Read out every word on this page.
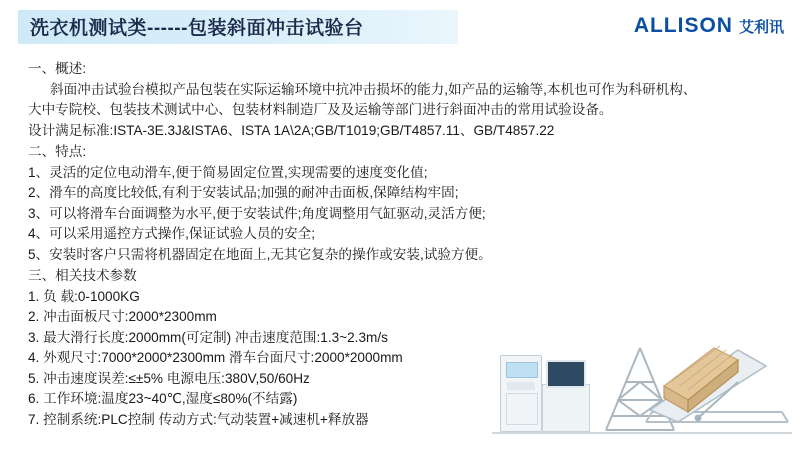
洗衣机测试类------包装斜面冲击试验台	ALLISON 艾利讯
一、概述:
斜面冲击试验台模拟产品包装在实际运输环境中抗冲击损坏的能力,如产品的运输等,本机也可作为科研机构、
大中专院校、包装技术测试中心、包装材料制造厂及及运输等部门进行斜面冲击的常用试验设备。
设计满足标准:ISTA-3E.3J&ISTA6、ISTA 1A\2A;GB/T1019;GB/T4857.11、GB/T4857.22
二、特点:
1、灵活的定位电动滑车,便于简易固定位置,实现需要的速度变化值;
2、滑车的高度比较低,有利于安装试品;加强的耐冲击面板,保障结构牢固;
3、可以将滑车台面调整为水平,便于安装试件;角度调整用气缸驱动,灵活方便;
4、可以采用遥控方式操作,保证试验人员的安全;
5、安装时客户只需将机器固定在地面上,无其它复杂的操作或安装,试验方便。
三、相关技术参数
1. 负 载:0-1000KG
2. 冲击面板尺寸:2000*2300mm
3. 最大滑行长度:2000mm(可定制) 冲击速度范围:1.3~2.3m/s
4. 外观尺寸:7000*2000*2300mm 滑车台面尺寸:2000*2000mm
5. 冲击速度误差:≤±5% 电源电压:380V,50/60Hz
6. 工作环境:温度23~40℃,湿度≤80%(不结露)
7. 控制系统:PLC控制 传动方式:气动装置+减速机+释放器
